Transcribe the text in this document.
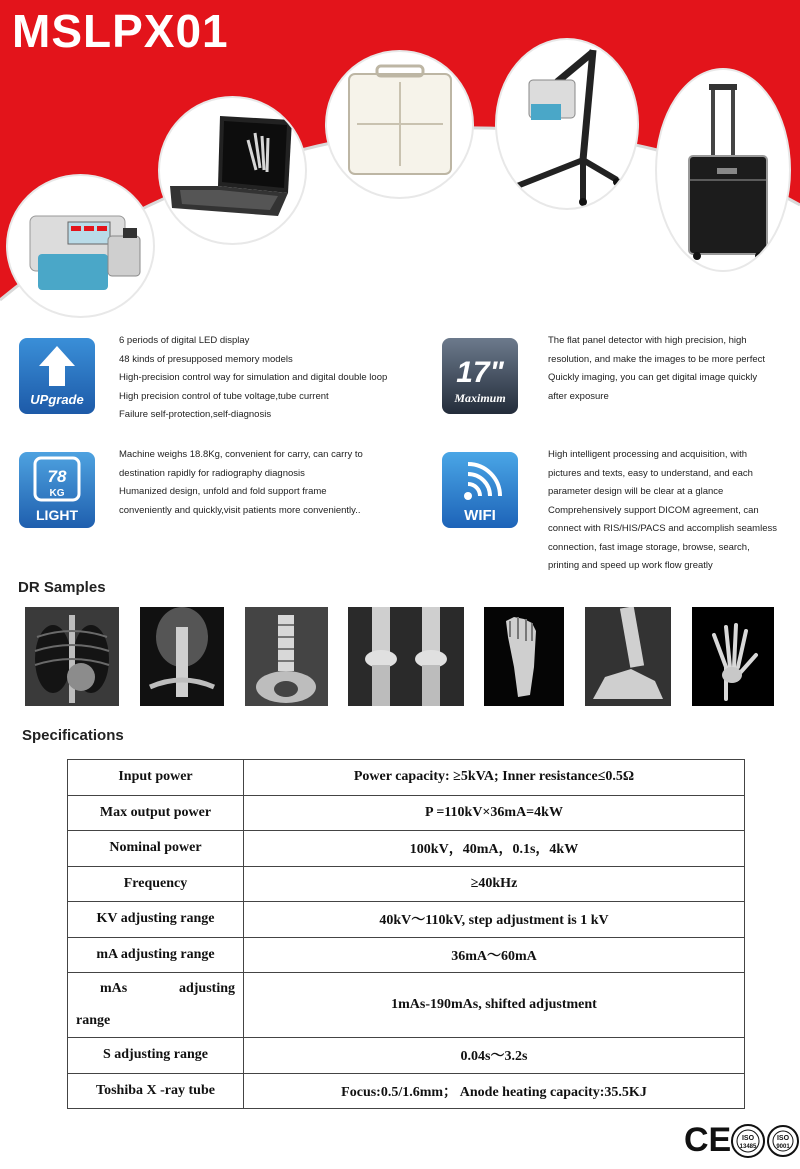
MSLPX01
UPgrade
6 periods of digital LED display
48 kinds of presupposed memory models
High-precision control way for simulation and digital double loop
High precision control of tube voltage,tube current
Failure self-protection,self-diagnosis
17"
Maximum
The flat panel detector with high precision, high
resolution, and make the images to be more perfect
Quickly imaging, you can get digital image quickly
after exposure
78
KG
LIGHT
Machine weighs 18.8Kg, convenient for carry, can carry to
destination rapidly for radiography diagnosis
Humanized design, unfold and fold support frame
conveniently and quickly,visit patients more conveniently..	WIFI
High intelligent processing and acquisition, with
pictures and texts, easy to understand, and each
parameter design will be clear at a glance
Comprehensively support DICOM agreement, can
connect with RIS/HIS/PACS and accomplish seamless
connection, fast image storage, browse, search,
printing and speed up work flow greatly
DR Samples
Specifications
Input power	Power capacity: ≥5kVA; Inner resistance≤0.5Ω
Max output power	P =110kV×36mA=4kW
Nominal power	100kV，40mA，0.1s，4kW
Frequency	≥40kHz
KV adjusting range	40kV～110kV, step adjustment is 1 kV
mA adjusting range	36mA～60mA

mAs adjusting
range	1mAs-190mAs, shifted adjustment
S adjusting range	0.04s～3.2s
Toshiba X -ray tube	Focus:0.5/1.6mm； Anode heating capacity:35.5KJ
CE ISO
13485
ISO
9001
